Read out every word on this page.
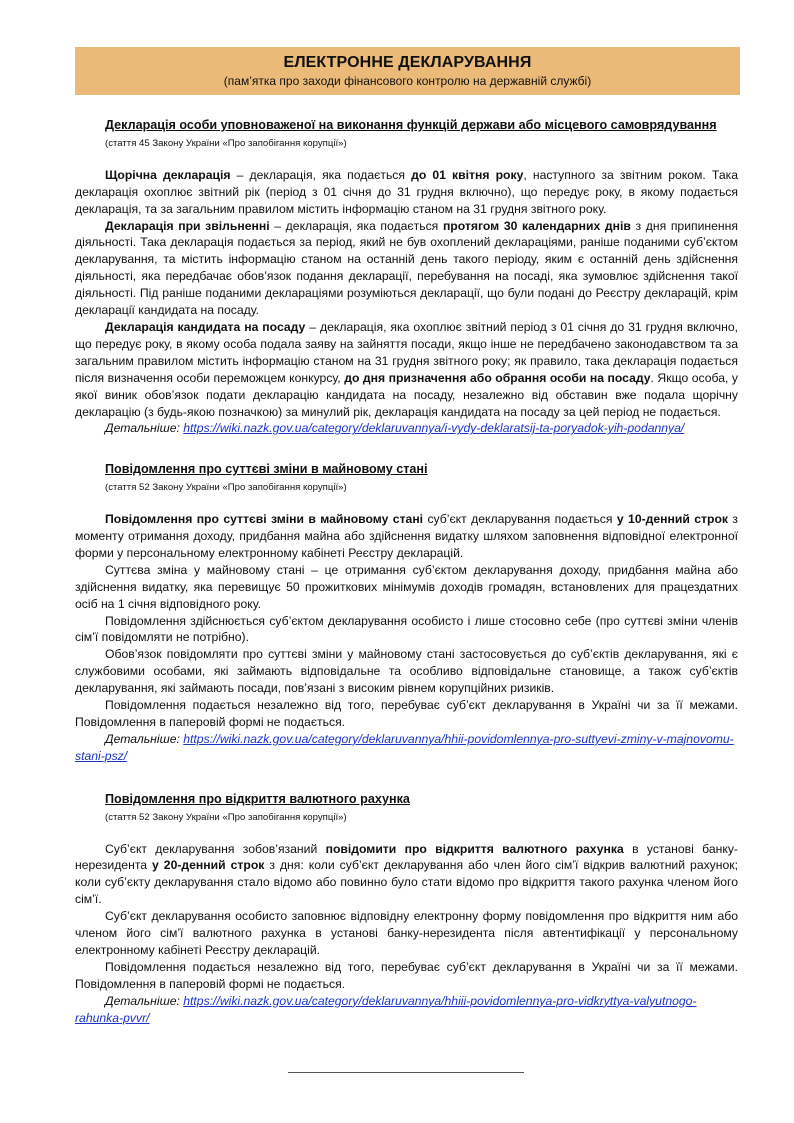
ЕЛЕКТРОННЕ ДЕКЛАРУВАННЯ
(пам’ятка про заходи фінансового контролю на державній службі)
Декларація особи уповноваженої на виконання функцій держави або місцевого самоврядування
(стаття 45 Закону України «Про запобігання корупції»)

Щорічна декларація – декларація, яка подається до 01 квітня року, наступного за звітним роком. Така декларація охоплює звітний рік (період з 01 січня до 31 грудня включно), що передує року, в якому подається декларація, та за загальним правилом містить інформацію станом на 31 грудня звітного року.

Декларація при звільненні – декларація, яка подається протягом 30 календарних днів з дня припинення діяльності. Така декларація подається за період, який не був охоплений деклараціями, раніше поданими суб’єктом декларування, та містить інформацію станом на останній день такого періоду, яким є останній день здійснення діяльності, яка передбачає обов’язок подання декларації, перебування на посаді, яка зумовлює здійснення такої діяльності. Під раніше поданими деклараціями розуміються декларації, що були подані до Реєстру декларацій, крім декларації кандидата на посаду.

Декларація кандидата на посаду – декларація, яка охоплює звітний період з 01 січня до 31 грудня включно, що передує року, в якому особа подала заяву на зайняття посади, якщо інше не передбачено законодавством та за загальним правилом містить інформацію станом на 31 грудня звітного року; як правило, така декларація подається після визначення особи переможцем конкурсу, до дня призначення або обрання особи на посаду. Якщо особа, у якої виник обов’язок подати декларацію кандидата на посаду, незалежно від обставин вже подала щорічну декларацію (з будь-якою позначкою) за минулий рік, декларація кандидата на посаду за цей період не подається.

Детальніше: https://wiki.nazk.gov.ua/category/deklaruvannya/i-vydy-deklaratsij-ta-poryadok-yih-podannya/

Повідомлення про суттєві зміни в майновому стані
(стаття 52 Закону України «Про запобігання корупції»)

Повідомлення про суттєві зміни в майновому стані суб’єкт декларування подається у 10-денний строк з моменту отримання доходу, придбання майна або здійснення видатку шляхом заповнення відповідної електронної форми у персональному електронному кабінеті Реєстру декларацій.

Суттєва зміна у майновому стані – це отримання суб’єктом декларування доходу, придбання майна або здійснення видатку, яка перевищує 50 прожиткових мінімумів доходів громадян, встановлених для працездатних осіб на 1 січня відповідного року.

Повідомлення здійснюється суб’єктом декларування особисто і лише стосовно себе (про суттєві зміни членів сім’ї повідомляти не потрібно).

Обов’язок повідомляти про суттєві зміни у майновому стані застосовується до суб’єктів декларування, які є службовими особами, які займають відповідальне та особливо відповідальне становище, а також суб’єктів декларування, які займають посади, пов’язані з високим рівнем корупційних ризиків.

Повідомлення подається незалежно від того, перебуває суб’єкт декларування в Україні чи за її межами. Повідомлення в паперовій формі не подається.

Детальніше: https://wiki.nazk.gov.ua/category/deklaruvannya/hhii-povidomlennya-pro-suttyevi-zminy-v-majnovomu-stani-psz/

Повідомлення про відкриття валютного рахунка
(стаття 52 Закону України «Про запобігання корупції»)

Суб’єкт декларування зобов’язаний повідомити про відкриття валютного рахунка в установі банку-нерезидента у 20-денний строк з дня: коли суб’єкт декларування або член його сім’ї відкрив валютний рахунок; коли суб’єкту декларування стало відомо або повинно було стати відомо про відкриття такого рахунка членом його сім’ї.

Суб’єкт декларування особисто заповнює відповідну електронну форму повідомлення про відкриття ним або членом його сім’ї валютного рахунка в установі банку-нерезидента після автентифікації у персональному електронному кабінеті Реєстру декларацій.

Повідомлення подається незалежно від того, перебуває суб’єкт декларування в Україні чи за її межами. Повідомлення в паперовій формі не подається.

Детальніше: https://wiki.nazk.gov.ua/category/deklaruvannya/hhiii-povidomlennya-pro-vidkryttya-valyutnogo-rahunka-pvvr/
